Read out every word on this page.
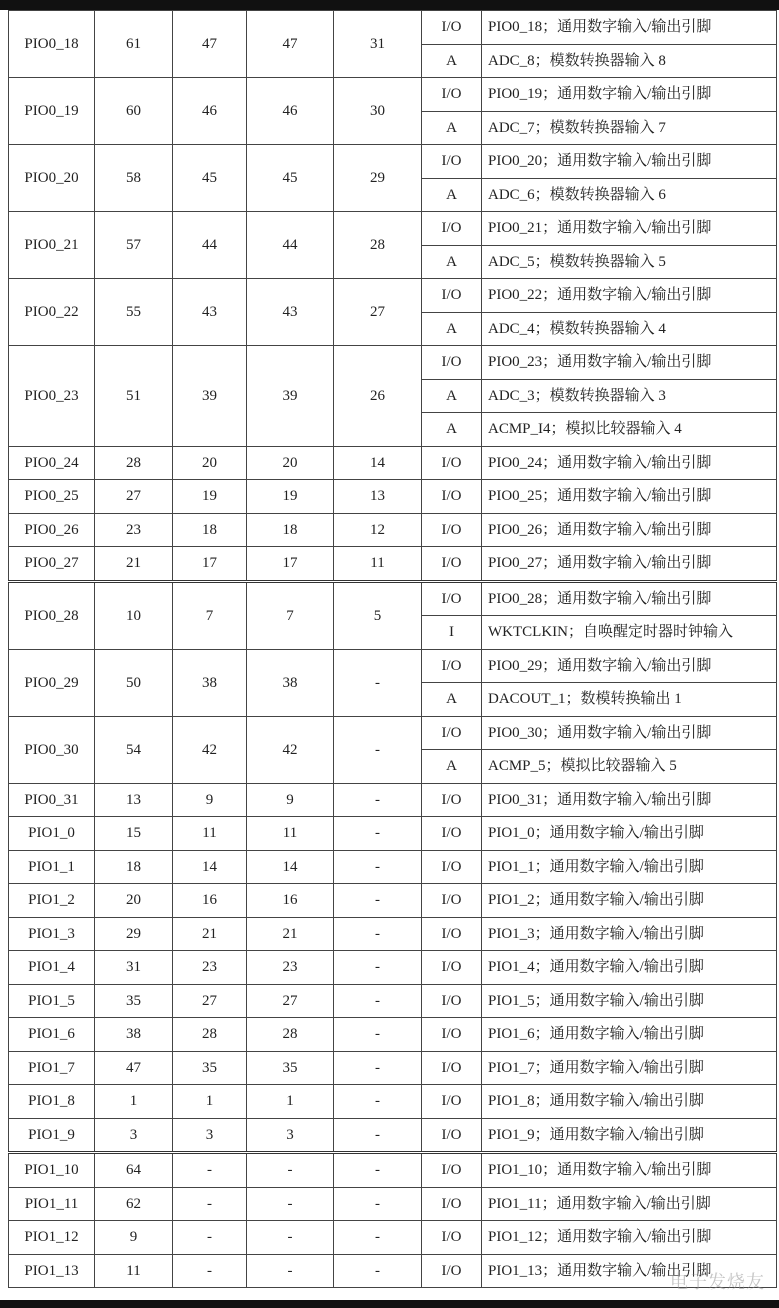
PIO0_18	61	47	47	31	I/O	PIO0_18；通用数字输入/输出引脚
					A	ADC_8；模数转换器输入 8
PIO0_19	60	46	46	30	I/O	PIO0_19；通用数字输入/输出引脚
					A	ADC_7；模数转换器输入 7
PIO0_20	58	45	45	29	I/O	PIO0_20；通用数字输入/输出引脚
					A	ADC_6；模数转换器输入 6
PIO0_21	57	44	44	28	I/O	PIO0_21；通用数字输入/输出引脚
					A	ADC_5；模数转换器输入 5
PIO0_22	55	43	43	27	I/O	PIO0_22；通用数字输入/输出引脚
					A	ADC_4；模数转换器输入 4
PIO0_23	51	39	39	26	I/O	PIO0_23；通用数字输入/输出引脚
					A	ADC_3；模数转换器输入 3
					A	ACMP_I4；模拟比较器输入 4
PIO0_24	28	20	20	14	I/O	PIO0_24；通用数字输入/输出引脚
PIO0_25	27	19	19	13	I/O	PIO0_25；通用数字输入/输出引脚
PIO0_26	23	18	18	12	I/O	PIO0_26；通用数字输入/输出引脚
PIO0_27	21	17	17	11	I/O	PIO0_27；通用数字输入/输出引脚
PIO0_28	10	7	7	5	I/O	PIO0_28；通用数字输入/输出引脚
					I	WKTCLKIN；自唤醒定时器时钟输入
PIO0_29	50	38	38	-	I/O	PIO0_29；通用数字输入/输出引脚
					A	DACOUT_1；数模转换输出 1
PIO0_30	54	42	42	-	I/O	PIO0_30；通用数字输入/输出引脚
					A	ACMP_5；模拟比较器输入 5
PIO0_31	13	9	9	-	I/O	PIO0_31；通用数字输入/输出引脚
PIO1_0	15	11	11	-	I/O	PIO1_0；通用数字输入/输出引脚
PIO1_1	18	14	14	-	I/O	PIO1_1；通用数字输入/输出引脚
PIO1_2	20	16	16	-	I/O	PIO1_2；通用数字输入/输出引脚
PIO1_3	29	21	21	-	I/O	PIO1_3；通用数字输入/输出引脚
PIO1_4	31	23	23	-	I/O	PIO1_4；通用数字输入/输出引脚
PIO1_5	35	27	27	-	I/O	PIO1_5；通用数字输入/输出引脚
PIO1_6	38	28	28	-	I/O	PIO1_6；通用数字输入/输出引脚
PIO1_7	47	35	35	-	I/O	PIO1_7；通用数字输入/输出引脚
PIO1_8	1	1	1	-	I/O	PIO1_8；通用数字输入/输出引脚
PIO1_9	3	3	3	-	I/O	PIO1_9；通用数字输入/输出引脚
PIO1_10	64	-	-	-	I/O	PIO1_10；通用数字输入/输出引脚
PIO1_11	62	-	-	-	I/O	PIO1_11；通用数字输入/输出引脚
PIO1_12	9	-	-	-	I/O	PIO1_12；通用数字输入/输出引脚
PIO1_13	11	-	-	-	I/O	PIO1_13；通用数字输入/输出引脚
电子发烧友
